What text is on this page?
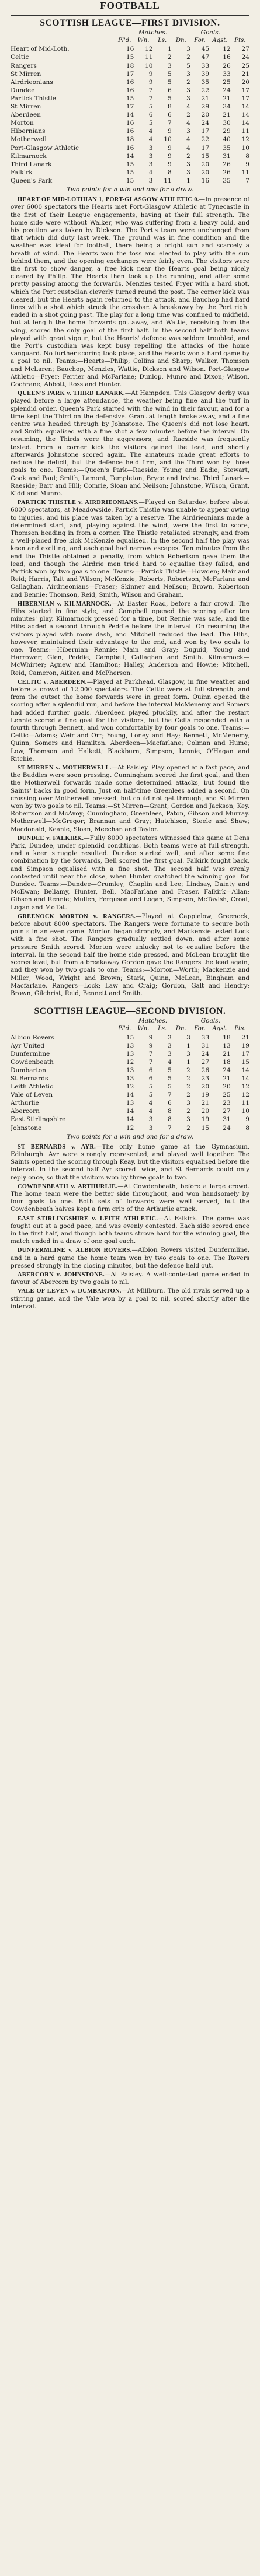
FOOTBALL
SCOTTISH LEAGUE—FIRST DIVISION.
	Matches.				Goals.		
	Pl'd.	Wn.	Ls.	Dn.	For.	Agst.	Pts.
Heart of Mid-Loth.	16	12	1	3	45	12	27
Celtic	15	11	2	2	47	16	24
Rangers	18	10	3	5	33	26	25
St Mirren	17	9	5	3	39	33	21
Airdrieonians	16	9	5	2	35	25	20
Dundee	16	7	6	3	22	24	17
Partick Thistle	15	7	5	3	21	21	17
St Mirren	17	5	8	4	29	34	14
Aberdeen	14	6	6	2	20	21	14
Morton	16	5	7	4	24	30	14
Hibernians	16	4	9	3	17	29	11
Motherwell	18	4	10	4	22	40	12
Port-Glasgow Athletic	16	3	9	4	17	35	10
Kilmarnock	14	3	9	2	15	31	8
Third Lanark	15	3	9	3	20	26	9
Falkirk	15	4	8	3	20	26	11
Queen's Park	15	3	11	1	16	35	7
Two points for a win and one for a draw.

HEART OF MID-LOTHIAN 1, PORT-GLASGOW ATHLETIC 0.—In presence of over 6000 spectators the Hearts met Port-Glasgow Athletic at Tynecastle in the first of their League engagements, having at their full strength. The home side were without Walker, who was suffering from a heavy cold, and his position was taken by Dickson. The Port's team were unchanged from that which did duty last week. The ground was in fine condition and the weather was ideal for football, there being a bright sun and scarcely a breath of wind. The Hearts won the toss and elected to play with the sun behind them, and the opening exchanges were fairly even. The visitors were the first to show danger, a free kick near the Hearts goal being nicely cleared by Philip. The Hearts then took up the running, and after some pretty passing among the forwards, Menzies tested Fryer with a hard shot, which the Port custodian cleverly turned round the post. The corner kick was cleared, but the Hearts again returned to the attack, and Bauchop had hard lines with a shot which struck the crossbar. A breakaway by the Port right ended in a shot going past. The play for a long time was confined to midfield, but at length the home forwards got away, and Wattie, receiving from the wing, scored the only goal of the first half. In the second half both teams played with great vigour, but the Hearts' defence was seldom troubled, and the Port's custodian was kept busy repelling the attacks of the home vanguard. No further scoring took place, and the Hearts won a hard game by a goal to nil. Teams:—Hearts—Philip; Collins and Sharp; Walker, Thomson and McLaren; Bauchop, Menzies, Wattie, Dickson and Wilson. Port-Glasgow Athletic—Fryer; Ferrier and McFarlane; Dunlop, Munro and Dixon; Wilson, Cochrane, Abbott, Ross and Hunter.

QUEEN'S PARK v. THIRD LANARK.—At Hampden. This Glasgow derby was played before a large attendance, the weather being fine and the turf in splendid order. Queen's Park started with the wind in their favour, and for a time kept the Third on the defensive. Grant at length broke away, and a fine centre was headed through by Johnstone. The Queen's did not lose heart, and Smith equalised with a fine shot a few minutes before the interval. On resuming, the Thirds were the aggressors, and Raeside was frequently tested. From a corner kick the visitors gained the lead, and shortly afterwards Johnstone scored again. The amateurs made great efforts to reduce the deficit, but the defence held firm, and the Third won by three goals to one. Teams:—Queen's Park—Raeside; Young and Eadie; Stewart, Cook and Paul; Smith, Lamont, Templeton, Bryce and Irvine. Third Lanark—Raeside; Barr and Hill; Comrie, Sloan and Neilson; Johnstone, Wilson, Grant, Kidd and Munro.

PARTICK THISTLE v. AIRDRIEONIANS.—Played on Saturday, before about 6000 spectators, at Meadowside. Partick Thistle was unable to appear owing to injuries, and his place was taken by a reserve. The Airdrieonians made a determined start, and, playing against the wind, were the first to score, Thomson heading in from a corner. The Thistle retaliated strongly, and from a well-placed free kick McKenzie equalised. In the second half the play was keen and exciting, and each goal had narrow escapes. Ten minutes from the end the Thistle obtained a penalty, from which Robertson gave them the lead, and though the Airdrie men tried hard to equalise they failed, and Partick won by two goals to one. Teams:—Partick Thistle—Howden; Mair and Reid; Harris, Tait and Wilson; McKenzie, Roberts, Robertson, McFarlane and Callaghan. Airdrieonians—Fraser; Skinner and Neilson; Brown, Robertson and Bennie; Thomson, Reid, Smith, Wilson and Graham.

HIBERNIAN v. KILMARNOCK.—At Easter Road, before a fair crowd. The Hibs started in fine style, and Campbell opened the scoring after ten minutes' play. Kilmarnock pressed for a time, but Rennie was safe, and the Hibs added a second through Peddie before the interval. On resuming the visitors played with more dash, and Mitchell reduced the lead. The Hibs, however, maintained their advantage to the end, and won by two goals to one. Teams:—Hibernian—Rennie; Main and Gray; Duguid, Young and Harrower; Glen, Peddie, Campbell, Callaghan and Smith. Kilmarnock—McWhirter; Agnew and Hamilton; Halley, Anderson and Howie; Mitchell, Reid, Cameron, Aitken and McPherson.

CELTIC v. ABERDEEN.—Played at Parkhead, Glasgow, in fine weather and before a crowd of 12,000 spectators. The Celtic were at full strength, and from the outset the home forwards were in great form. Quinn opened the scoring after a splendid run, and before the interval McMenemy and Somers had added further goals. Aberdeen played pluckily, and after the restart Lennie scored a fine goal for the visitors, but the Celts responded with a fourth through Bennett, and won comfortably by four goals to one. Teams:—Celtic—Adams; Weir and Orr; Young, Loney and Hay; Bennett, McMenemy, Quinn, Somers and Hamilton. Aberdeen—Macfarlane; Colman and Hume; Low, Thomson and Halkett; Blackburn, Simpson, Lennie, O'Hagan and Ritchie.

ST MIRREN v. MOTHERWELL.—At Paisley. Play opened at a fast pace, and the Buddies were soon pressing. Cunningham scored the first goal, and then the Motherwell forwards made some determined attacks, but found the Saints' backs in good form. Just on half-time Greenlees added a second. On crossing over Motherwell pressed, but could not get through, and St Mirren won by two goals to nil. Teams:—St Mirren—Grant; Gordon and Jackson; Key, Robertson and McAvoy; Cunningham, Greenlees, Paton, Gibson and Murray. Motherwell—McGregor; Brannan and Gray; Hutchison, Steele and Shaw; Macdonald, Keanie, Sloan, Meechan and Taylor.

DUNDEE v. FALKIRK.—Fully 8000 spectators witnessed this game at Dens Park, Dundee, under splendid conditions. Both teams were at full strength, and a keen struggle resulted. Dundee started well, and after some fine combination by the forwards, Bell scored the first goal. Falkirk fought back, and Simpson equalised with a fine shot. The second half was evenly contested until near the close, when Hunter snatched the winning goal for Dundee. Teams:—Dundee—Crumley; Chaplin and Lee; Lindsay, Dainty and McEwan; Bellamy, Hunter, Bell, MacFarlane and Fraser. Falkirk—Allan; Gibson and Rennie; Mullen, Ferguson and Logan; Simpson, McTavish, Croal, Logan and Moffat.

GREENOCK MORTON v. RANGERS.—Played at Cappielow, Greenock, before about 8000 spectators. The Rangers were fortunate to secure both points in an even game. Morton began strongly, and Mackenzie tested Lock with a fine shot. The Rangers gradually settled down, and after some pressure Smith scored. Morton were unlucky not to equalise before the interval. In the second half the home side pressed, and McLean brought the scores level, but from a breakaway Gordon gave the Rangers the lead again, and they won by two goals to one. Teams:—Morton—Worth; Mackenzie and Miller; Wood, Wright and Brown; Stark, Quinn, McLean, Bingham and Macfarlane. Rangers—Lock; Law and Craig; Gordon, Galt and Hendry; Brown, Gilchrist, Reid, Bennett and Smith.

SCOTTISH LEAGUE—SECOND DIVISION.
	Matches.				Goals.		
	Pl'd.	Wn.	Ls.	Dn.	For.	Agst.	Pts.
Albion Rovers	15	9	3	3	33	18	21
Ayr United	13	9	3	1	31	13	19
Dunfermline	13	7	3	3	24	21	17
Cowdenbeath	12	7	4	1	27	18	15
Dumbarton	13	6	5	2	26	24	14
St Bernards	13	6	5	2	23	21	14
Leith Athletic	12	5	5	2	20	20	12
Vale of Leven	14	5	7	2	19	25	12
Arthurlie	13	4	6	3	21	23	11
Abercorn	14	4	8	2	20	27	10
East Stirlingshire	14	3	8	3	19	31	9
Johnstone	12	3	7	2	15	24	8
Two points for a win and one for a draw.

ST BERNARDS v. AYR.—The only home game at the Gymnasium, Edinburgh. Ayr were strongly represented, and played well together. The Saints opened the scoring through Keay, but the visitors equalised before the interval. In the second half Ayr scored twice, and St Bernards could only reply once, so that the visitors won by three goals to two.

COWDENBEATH v. ARTHURLIE.—At Cowdenbeath, before a large crowd. The home team were the better side throughout, and won handsomely by four goals to one. Both sets of forwards were well served, but the Cowdenbeath halves kept a firm grip of the Arthurlie attack.

EAST STIRLINGSHIRE v. LEITH ATHLETIC.—At Falkirk. The game was fought out at a good pace, and was evenly contested. Each side scored once in the first half, and though both teams strove hard for the winning goal, the match ended in a draw of one goal each.

DUNFERMLINE v. ALBION ROVERS.—Albion Rovers visited Dunfermline, and in a hard game the home team won by two goals to one. The Rovers pressed strongly in the closing minutes, but the defence held out.

ABERCORN v. JOHNSTONE.—At Paisley. A well-contested game ended in favour of Abercorn by two goals to nil.

VALE OF LEVEN v. DUMBARTON.—At Millburn. The old rivals served up a stirring game, and the Vale won by a goal to nil, scored shortly after the interval.
